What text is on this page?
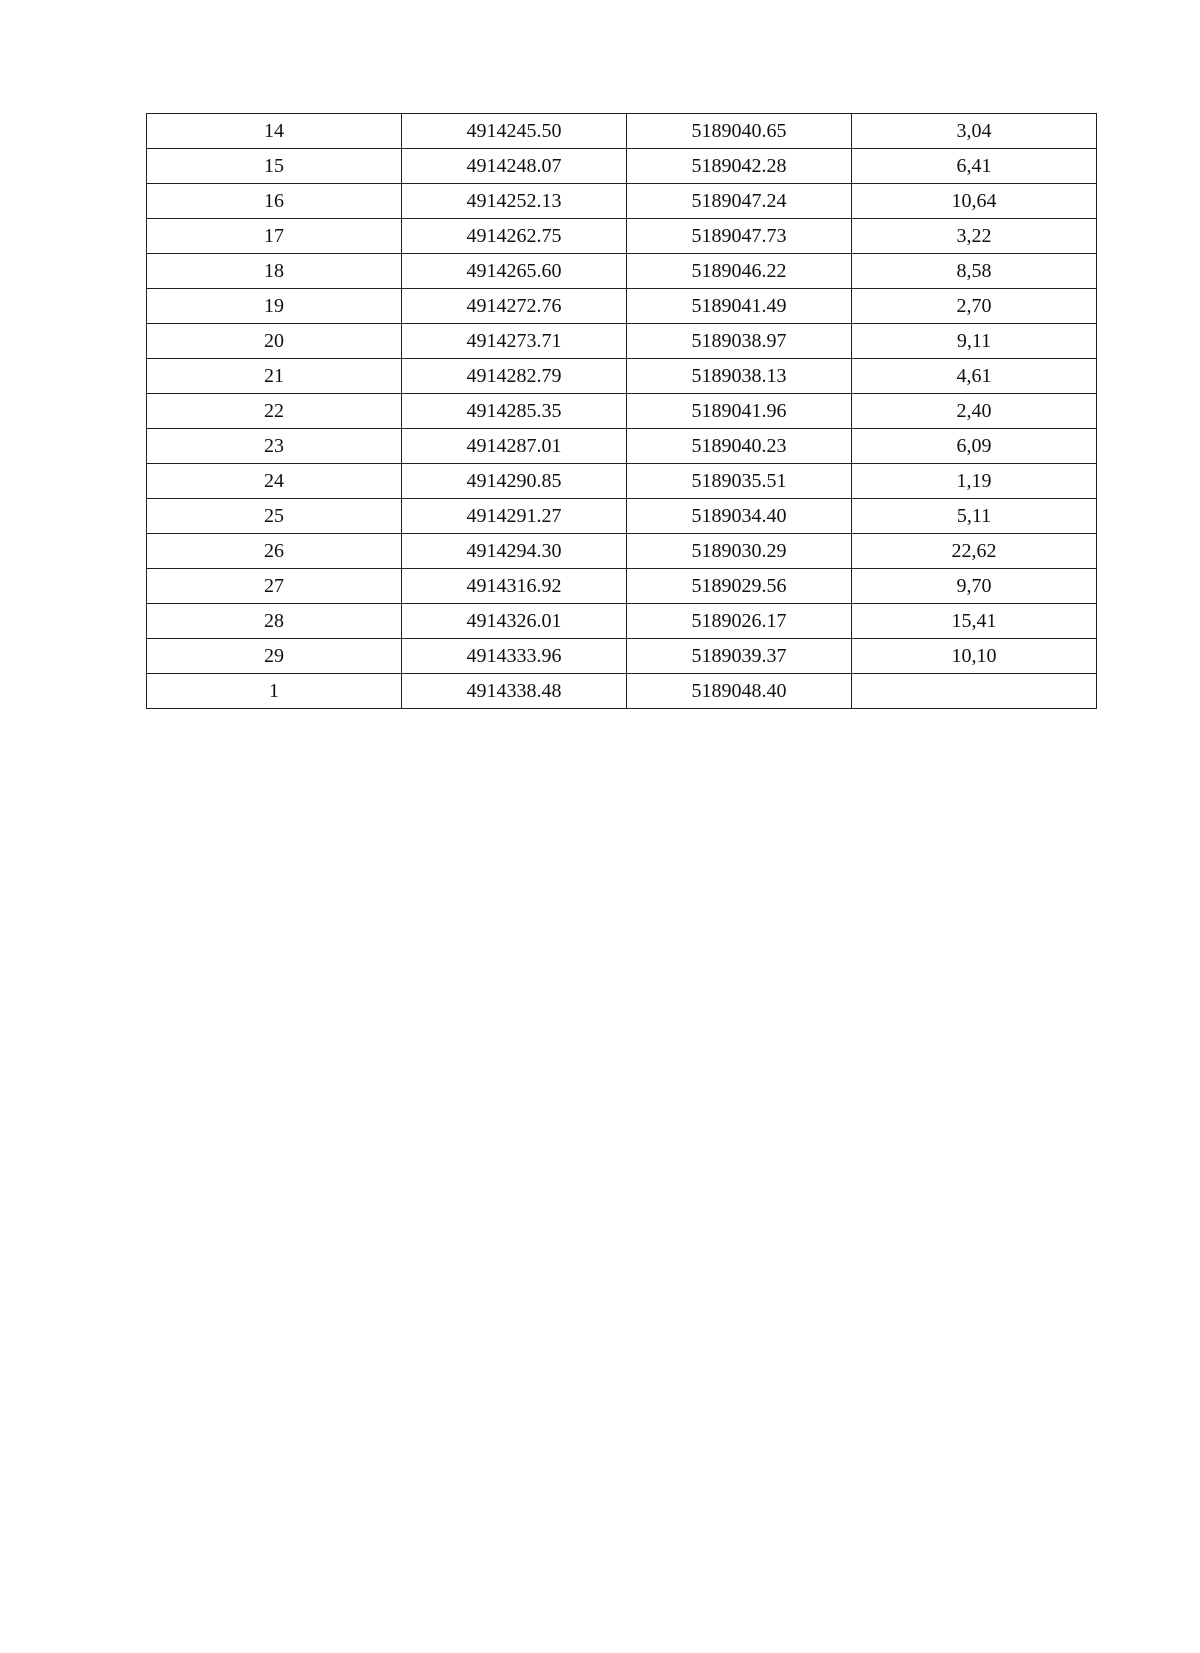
14	4914245.50	5189040.65	3,04
15	4914248.07	5189042.28	6,41
16	4914252.13	5189047.24	10,64
17	4914262.75	5189047.73	3,22
18	4914265.60	5189046.22	8,58
19	4914272.76	5189041.49	2,70
20	4914273.71	5189038.97	9,11
21	4914282.79	5189038.13	4,61
22	4914285.35	5189041.96	2,40
23	4914287.01	5189040.23	6,09
24	4914290.85	5189035.51	1,19
25	4914291.27	5189034.40	5,11
26	4914294.30	5189030.29	22,62
27	4914316.92	5189029.56	9,70
28	4914326.01	5189026.17	15,41
29	4914333.96	5189039.37	10,10
1	4914338.48	5189048.40	
